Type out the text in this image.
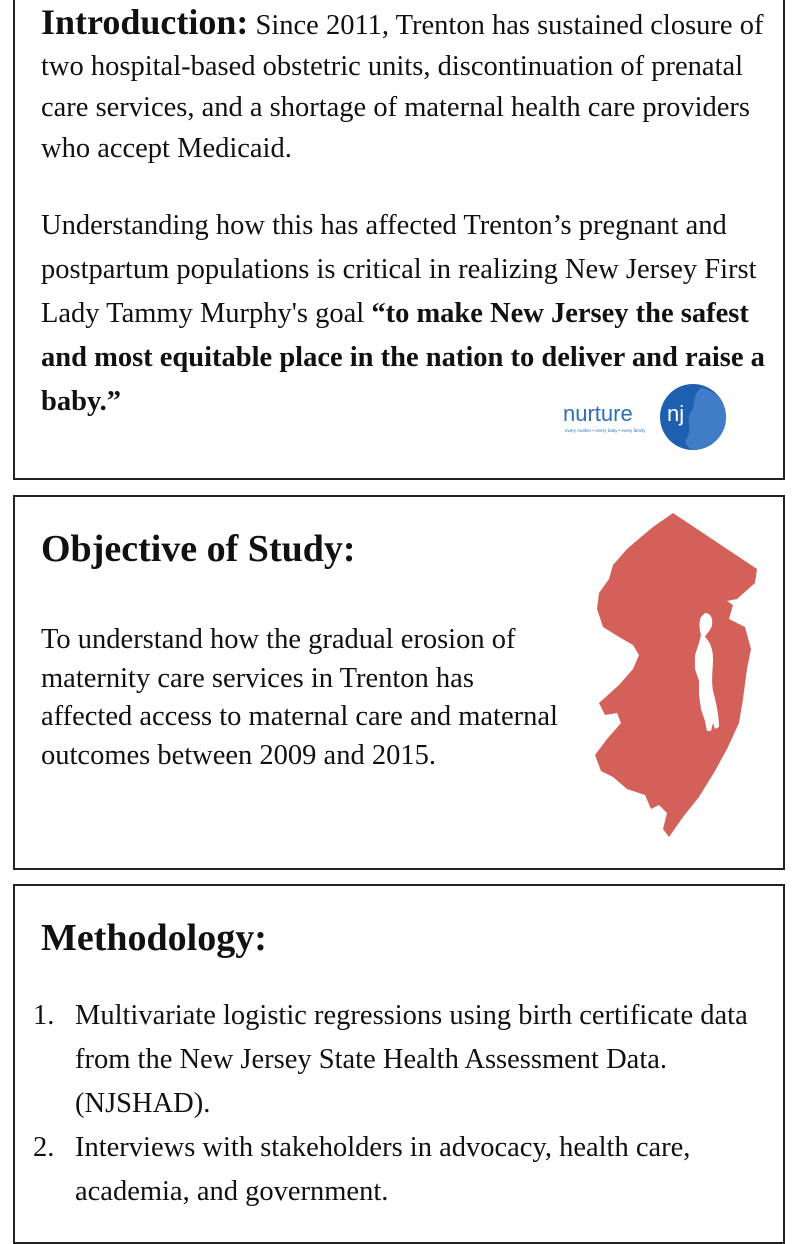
Introduction: Since 2011, Trenton has sustained closure of two hospital-based obstetric units, discontinuation of prenatal care services, and a shortage of maternal health care providers who accept Medicaid.

Understanding how this has affected Trenton’s pregnant and postpartum populations is critical in realizing New Jersey First Lady Tammy Murphy's goal “to make New Jersey the safest and most equitable place in the nation to deliver and raise a baby.”	nurture nj
every mother • every baby • every family
Objective of Study:

To understand how the gradual erosion of maternity care services in Trenton has affected access to maternal care and maternal outcomes between 2009 and 2015.

Methodology:
1. Multivariate logistic regressions using birth certificate data from the New Jersey State Health Assessment Data. (NJSHAD).
2. Interviews with stakeholders in advocacy, health care, academia, and government.
